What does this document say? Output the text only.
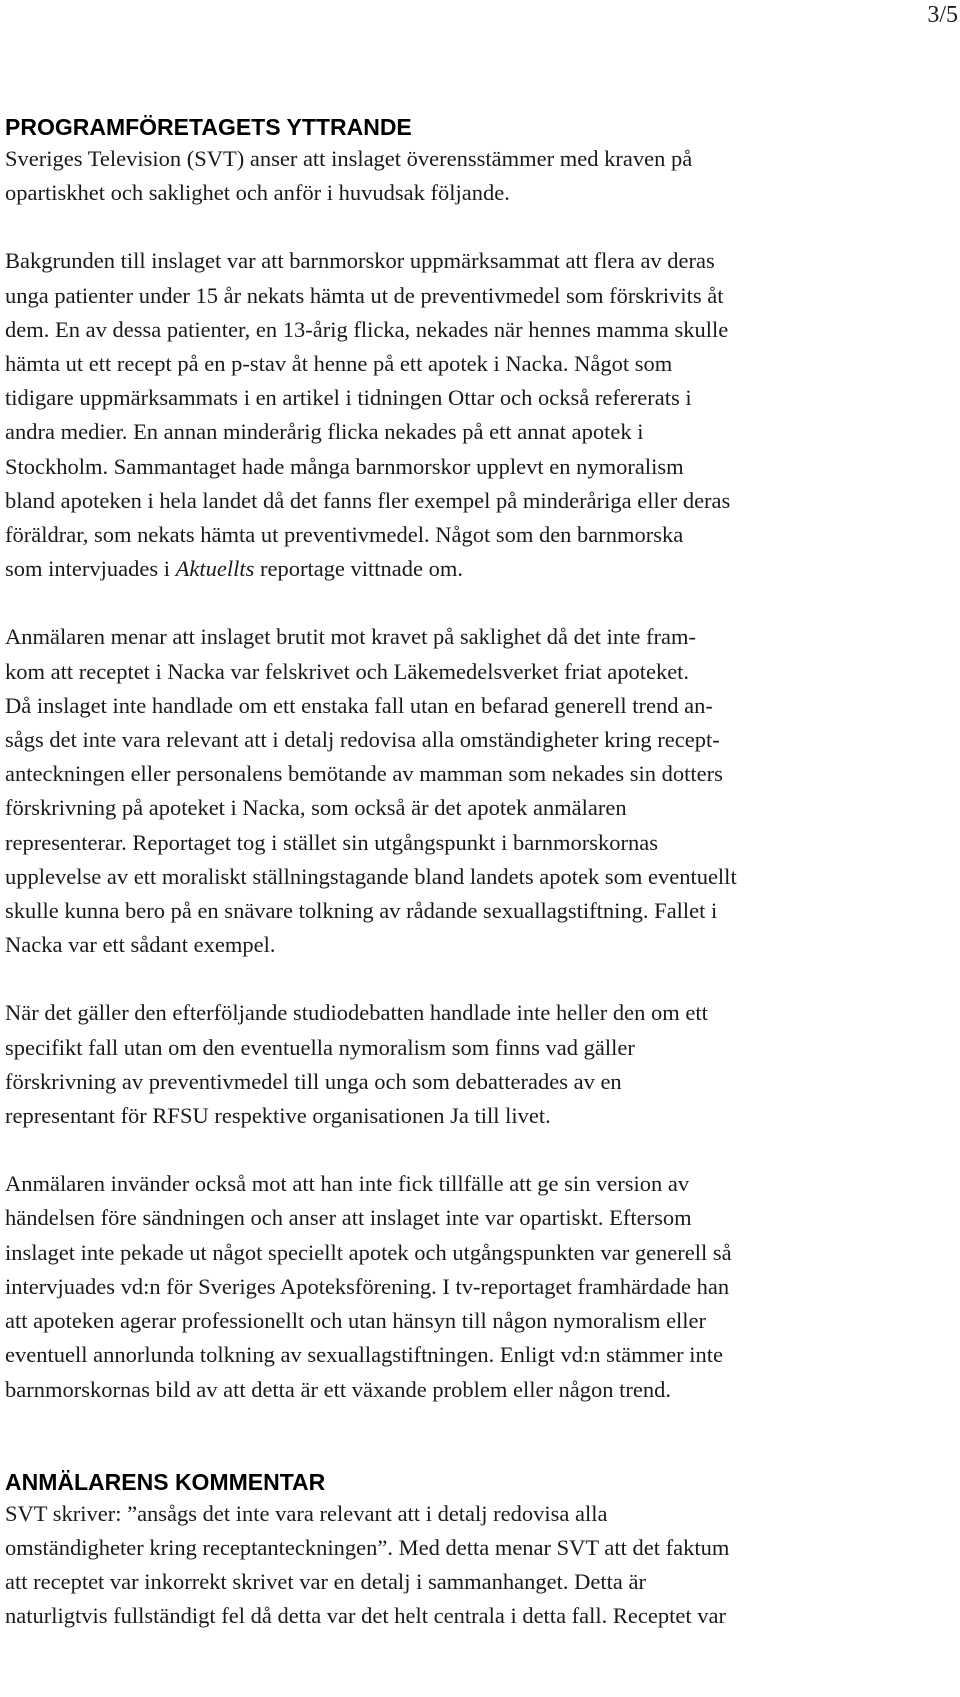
3/5
PROGRAMFÖRETAGETS YTTRANDE

Sveriges Television (SVT) anser att inslaget överensstämmer med kraven på
opartiskhet och saklighet och anför i huvudsak följande.

Bakgrunden till inslaget var att barnmorskor uppmärksammat att flera av deras
unga patienter under 15 år nekats hämta ut de preventivmedel som förskrivits åt
dem. En av dessa patienter, en 13-årig flicka, nekades när hennes mamma skulle
hämta ut ett recept på en p-stav åt henne på ett apotek i Nacka. Något som
tidigare uppmärksammats i en artikel i tidningen Ottar och också refererats i
andra medier. En annan minderårig flicka nekades på ett annat apotek i
Stockholm. Sammantaget hade många barnmorskor upplevt en nymoralism
bland apoteken i hela landet då det fanns fler exempel på minderåriga eller deras
föräldrar, som nekats hämta ut preventivmedel. Något som den barnmorska
som intervjuades i Aktuellts reportage vittnade om.

Anmälaren menar att inslaget brutit mot kravet på saklighet då det inte fram-
kom att receptet i Nacka var felskrivet och Läkemedelsverket friat apoteket.
Då inslaget inte handlade om ett enstaka fall utan en befarad generell trend an-
sågs det inte vara relevant att i detalj redovisa alla omständigheter kring recept-
anteckningen eller personalens bemötande av mamman som nekades sin dotters
förskrivning på apoteket i Nacka, som också är det apotek anmälaren
representerar. Reportaget tog i stället sin utgångspunkt i barnmorskornas
upplevelse av ett moraliskt ställningstagande bland landets apotek som eventuellt
skulle kunna bero på en snävare tolkning av rådande sexuallagstiftning. Fallet i
Nacka var ett sådant exempel.

När det gäller den efterföljande studiodebatten handlade inte heller den om ett
specifikt fall utan om den eventuella nymoralism som finns vad gäller
förskrivning av preventivmedel till unga och som debatterades av en
representant för RFSU respektive organisationen Ja till livet.

Anmälaren invänder också mot att han inte fick tillfälle att ge sin version av
händelsen före sändningen och anser att inslaget inte var opartiskt. Eftersom
inslaget inte pekade ut något speciellt apotek och utgångspunkten var generell så
intervjuades vd:n för Sveriges Apoteksförening. I tv-reportaget framhärdade han
att apoteken agerar professionellt och utan hänsyn till någon nymoralism eller
eventuell annorlunda tolkning av sexuallagstiftningen. Enligt vd:n stämmer inte
barnmorskornas bild av att detta är ett växande problem eller någon trend.

ANMÄLARENS KOMMENTAR

SVT skriver: ”ansågs det inte vara relevant att i detalj redovisa alla
omständigheter kring receptanteckningen”. Med detta menar SVT att det faktum
att receptet var inkorrekt skrivet var en detalj i sammanhanget. Detta är
naturligtvis fullständigt fel då detta var det helt centrala i detta fall. Receptet var
